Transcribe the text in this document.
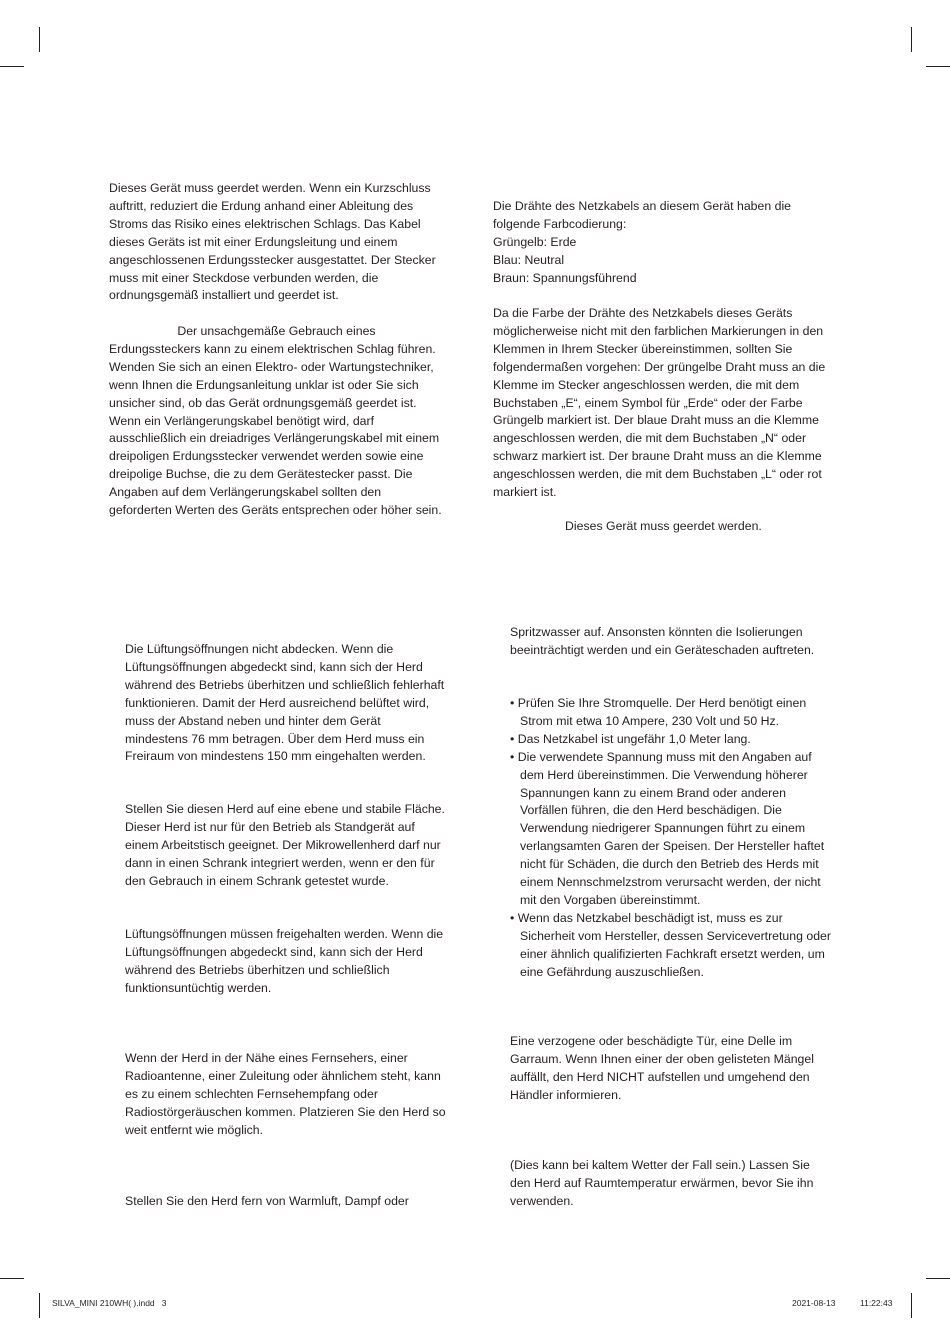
Dieses Gerät muss geerdet werden. Wenn ein Kurzschluss
auftritt, reduziert die Erdung anhand einer Ableitung des
Stroms das Risiko eines elektrischen Schlags. Das Kabel
dieses Geräts ist mit einer Erdungsleitung und einem
angeschlossenen Erdungsstecker ausgestattet. Der Stecker
muss mit einer Steckdose verbunden werden, die
ordnungsgemäß installiert und geerdet ist.

Der unsachgemäße Gebrauch eines
Erdungssteckers kann zu einem elektrischen Schlag führen.
Wenden Sie sich an einen Elektro- oder Wartungstechniker,
wenn Ihnen die Erdungsanleitung unklar ist oder Sie sich
unsicher sind, ob das Gerät ordnungsgemäß geerdet ist.
Wenn ein Verlängerungskabel benötigt wird, darf
ausschließlich ein dreiadriges Verlängerungskabel mit einem
dreipoligen Erdungsstecker verwendet werden sowie eine
dreipolige Buchse, die zu dem Gerätestecker passt. Die
Angaben auf dem Verlängerungskabel sollten den
geforderten Werten des Geräts entsprechen oder höher sein.

Die Lüftungsöffnungen nicht abdecken. Wenn die
Lüftungsöffnungen abgedeckt sind, kann sich der Herd
während des Betriebs überhitzen und schließlich fehlerhaft
funktionieren. Damit der Herd ausreichend belüftet wird,
muss der Abstand neben und hinter dem Gerät
mindestens 76 mm betragen. Über dem Herd muss ein
Freiraum von mindestens 150 mm eingehalten werden.

Stellen Sie diesen Herd auf eine ebene und stabile Fläche.
Dieser Herd ist nur für den Betrieb als Standgerät auf
einem Arbeitstisch geeignet. Der Mikrowellenherd darf nur
dann in einen Schrank integriert werden, wenn er den für
den Gebrauch in einem Schrank getestet wurde.

Lüftungsöffnungen müssen freigehalten werden. Wenn die
Lüftungsöffnungen abgedeckt sind, kann sich der Herd
während des Betriebs überhitzen und schließlich
funktionsuntüchtig werden.

Wenn der Herd in der Nähe eines Fernsehers, einer
Radioantenne, einer Zuleitung oder ähnlichem steht, kann
es zu einem schlechten Fernsehempfang oder
Radiostörgeräuschen kommen. Platzieren Sie den Herd so
weit entfernt wie möglich.

Stellen Sie den Herd fern von Warmluft, Dampf oder

Die Drähte des Netzkabels an diesem Gerät haben die
folgende Farbcodierung:
Grüngelb: Erde
Blau: Neutral
Braun: Spannungsführend

Da die Farbe der Drähte des Netzkabels dieses Geräts
möglicherweise nicht mit den farblichen Markierungen in den
Klemmen in Ihrem Stecker übereinstimmen, sollten Sie
folgendermaßen vorgehen: Der grüngelbe Draht muss an die
Klemme im Stecker angeschlossen werden, die mit dem
Buchstaben „E“, einem Symbol für „Erde“ oder der Farbe
Grüngelb markiert ist. Der blaue Draht muss an die Klemme
angeschlossen werden, die mit dem Buchstaben „N“ oder
schwarz markiert ist. Der braune Draht muss an die Klemme
angeschlossen werden, die mit dem Buchstaben „L“ oder rot
markiert ist.

Dieses Gerät muss geerdet werden.

Spritzwasser auf. Ansonsten könnten die Isolierungen
beeinträchtigt werden und ein Geräteschaden auftreten.

• Prüfen Sie Ihre Stromquelle. Der Herd benötigt einen
Strom mit etwa 10 Ampere, 230 Volt und 50 Hz.
• Das Netzkabel ist ungefähr 1,0 Meter lang.
• Die verwendete Spannung muss mit den Angaben auf
dem Herd übereinstimmen. Die Verwendung höherer
Spannungen kann zu einem Brand oder anderen
Vorfällen führen, die den Herd beschädigen. Die
Verwendung niedrigerer Spannungen führt zu einem
verlangsamten Garen der Speisen. Der Hersteller haftet
nicht für Schäden, die durch den Betrieb des Herds mit
einem Nennschmelzstrom verursacht werden, der nicht
mit den Vorgaben übereinstimmt.
• Wenn das Netzkabel beschädigt ist, muss es zur
Sicherheit vom Hersteller, dessen Servicevertretung oder
einer ähnlich qualifizierten Fachkraft ersetzt werden, um
eine Gefährdung auszuschließen.

Eine verzogene oder beschädigte Tür, eine Delle im
Garraum. Wenn Ihnen einer der oben gelisteten Mängel
auffällt, den Herd NICHT aufstellen und umgehend den
Händler informieren.

(Dies kann bei kaltem Wetter der Fall sein.) Lassen Sie
den Herd auf Raumtemperatur erwärmen, bevor Sie ihn
verwenden.

SILVA_MINI 210WH( ).indd   3	2021-08-13	11:22:43
